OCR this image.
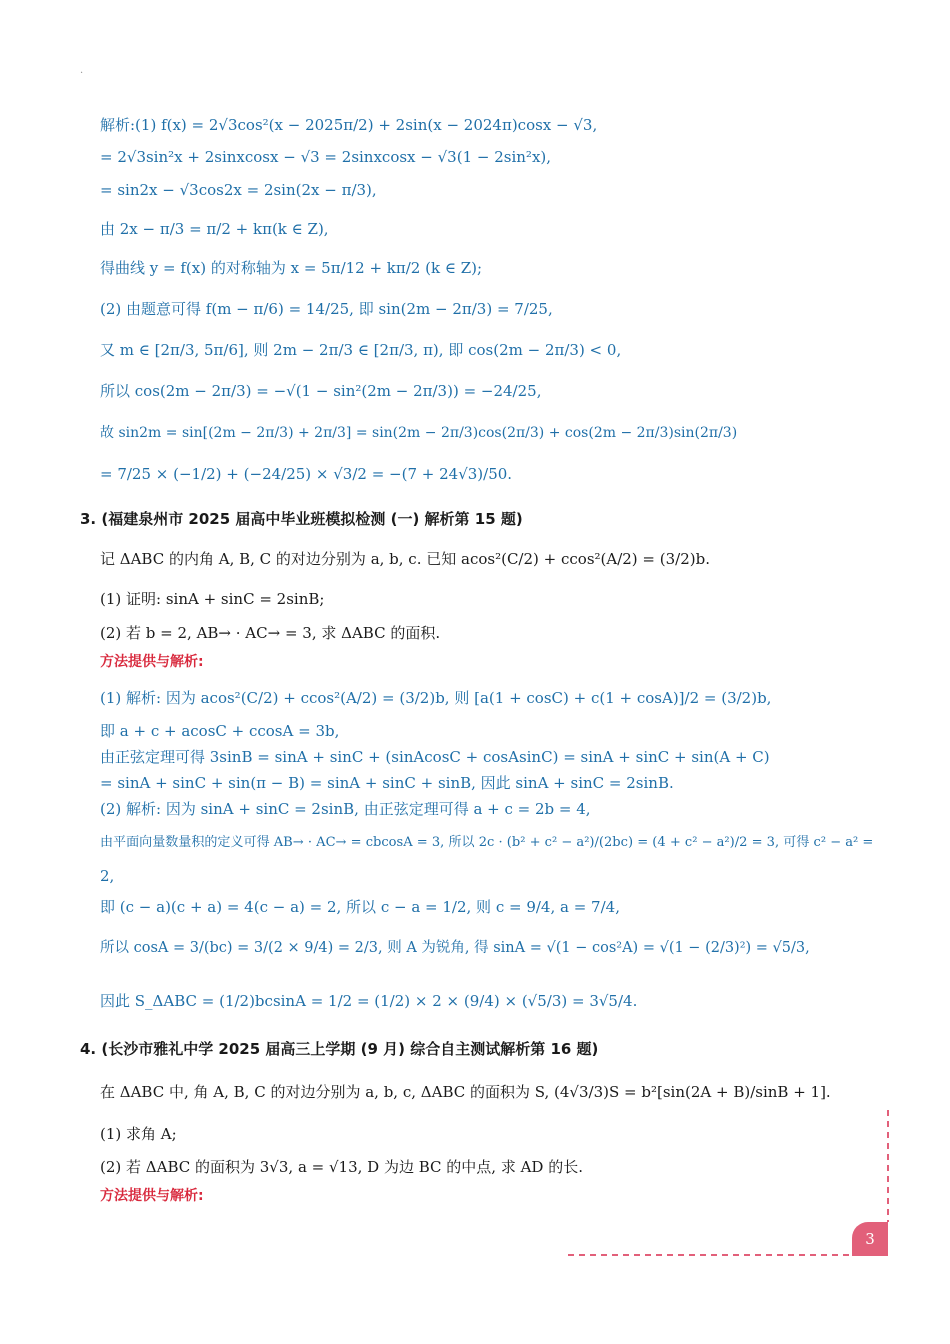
·
解析:(1) f(x) = 2√3cos²(x − 2025π/2) + 2sin(x − 2024π)cosx − √3,
= 2√3sin²x + 2sinxcosx − √3 = 2sinxcosx − √3(1 − 2sin²x),
= sin2x − √3cos2x = 2sin(2x − π/3),
由 2x − π/3 = π/2 + kπ(k ∈ Z),
得曲线 y = f(x) 的对称轴为 x = 5π/12 + kπ/2 (k ∈ Z);
(2) 由题意可得 f(m − π/6) = 14/25, 即 sin(2m − 2π/3) = 7/25,
又 m ∈ [2π/3, 5π/6], 则 2m − 2π/3 ∈ [2π/3, π), 即 cos(2m − 2π/3) < 0,
所以 cos(2m − 2π/3) = −√(1 − sin²(2m − 2π/3)) = −24/25,
故 sin2m = sin[(2m − 2π/3) + 2π/3] = sin(2m − 2π/3)cos(2π/3) + cos(2m − 2π/3)sin(2π/3)
= 7/25 × (−1/2) + (−24/25) × √3/2 = −(7 + 24√3)/50.
3. (福建泉州市 2025 届高中毕业班模拟检测 (一) 解析第 15 题)
记 ΔABC 的内角 A, B, C 的对边分别为 a, b, c. 已知 acos²(C/2) + ccos²(A/2) = (3/2)b.
(1) 证明: sinA + sinC = 2sinB;
(2) 若 b = 2, AB→ · AC→ = 3, 求 ΔABC 的面积.
方法提供与解析:
(1) 解析: 因为 acos²(C/2) + ccos²(A/2) = (3/2)b, 则 [a(1 + cosC) + c(1 + cosA)]/2 = (3/2)b,
即 a + c + acosC + ccosA = 3b,
由正弦定理可得 3sinB = sinA + sinC + (sinAcosC + cosAsinC) = sinA + sinC + sin(A + C)
= sinA + sinC + sin(π − B) = sinA + sinC + sinB, 因此 sinA + sinC = 2sinB.
(2) 解析: 因为 sinA + sinC = 2sinB, 由正弦定理可得 a + c = 2b = 4,
由平面向量数量积的定义可得 AB→ · AC→ = cbcosA = 3, 所以 2c · (b² + c² − a²)/(2bc) = (4 + c² − a²)/2 = 3, 可得 c² − a² =
2,
即 (c − a)(c + a) = 4(c − a) = 2, 所以 c − a = 1/2, 则 c = 9/4, a = 7/4,
所以 cosA = 3/(bc) = 3/(2 × 9/4) = 2/3, 则 A 为锐角, 得 sinA = √(1 − cos²A) = √(1 − (2/3)²) = √5/3,
因此 S_ΔABC = (1/2)bcsinA = 1/2 = (1/2) × 2 × (9/4) × (√5/3) = 3√5/4.
4. (长沙市雅礼中学 2025 届高三上学期 (9 月) 综合自主测试解析第 16 题)
在 ΔABC 中, 角 A, B, C 的对边分别为 a, b, c, ΔABC 的面积为 S, (4√3/3)S = b²[sin(2A + B)/sinB + 1].
(1) 求角 A;
(2) 若 ΔABC 的面积为 3√3, a = √13, D 为边 BC 的中点, 求 AD 的长.
方法提供与解析:
3
